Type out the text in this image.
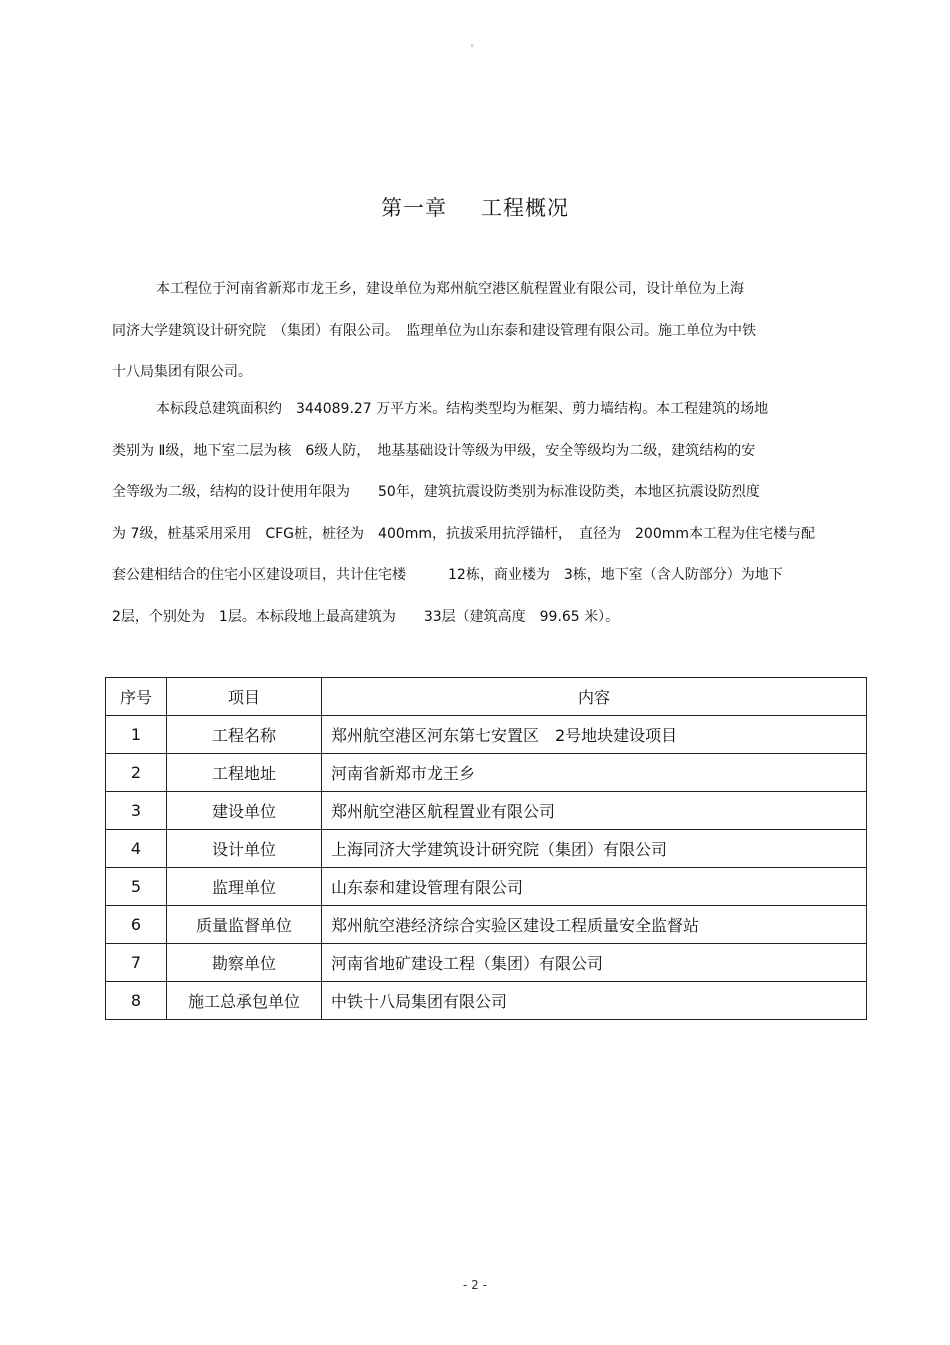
。
第一章 工程概况

本工程位于河南省新郑市龙王乡，建设单位为郑州航空港区航程置业有限公司，设计单位为上海

同济大学建筑设计研究院　（集团）有限公司。　监理单位为山东泰和建设管理有限公司。施工单位为中铁

十八局集团有限公司。

本标段总建筑面积约　344089.27 万平方米。结构类型均为框架、剪力墙结构。本工程建筑的场地

类别为 Ⅱ级，地下室二层为核　6级人防，　地基基础设计等级为甲级，安全等级均为二级，建筑结构的安

全等级为二级，结构的设计使用年限为　　50年，建筑抗震设防类别为标准设防类，本地区抗震设防烈度

为 7级，桩基采用采用　CFG桩，桩径为　400mm，抗拔采用抗浮锚杆，　直径为　200mm本工程为住宅楼与配

套公建相结合的住宅小区建设项目，共计住宅楼　　　12栋，商业楼为　3栋，地下室（含人防部分）为地下

2层，个别处为　1层。本标段地上最高建筑为　　33层（建筑高度　99.65 米）。

序号	项目	内容
1	工程名称	郑州航空港区河东第七安置区　2号地块建设项目
2	工程地址	河南省新郑市龙王乡
3	建设单位	郑州航空港区航程置业有限公司
4	设计单位	上海同济大学建筑设计研究院（集团）有限公司
5	监理单位	山东泰和建设管理有限公司
6	质量监督单位	郑州航空港经济综合实验区建设工程质量安全监督站
7	勘察单位	河南省地矿建设工程（集团）有限公司
8	施工总承包单位	中铁十八局集团有限公司
- 2 -
